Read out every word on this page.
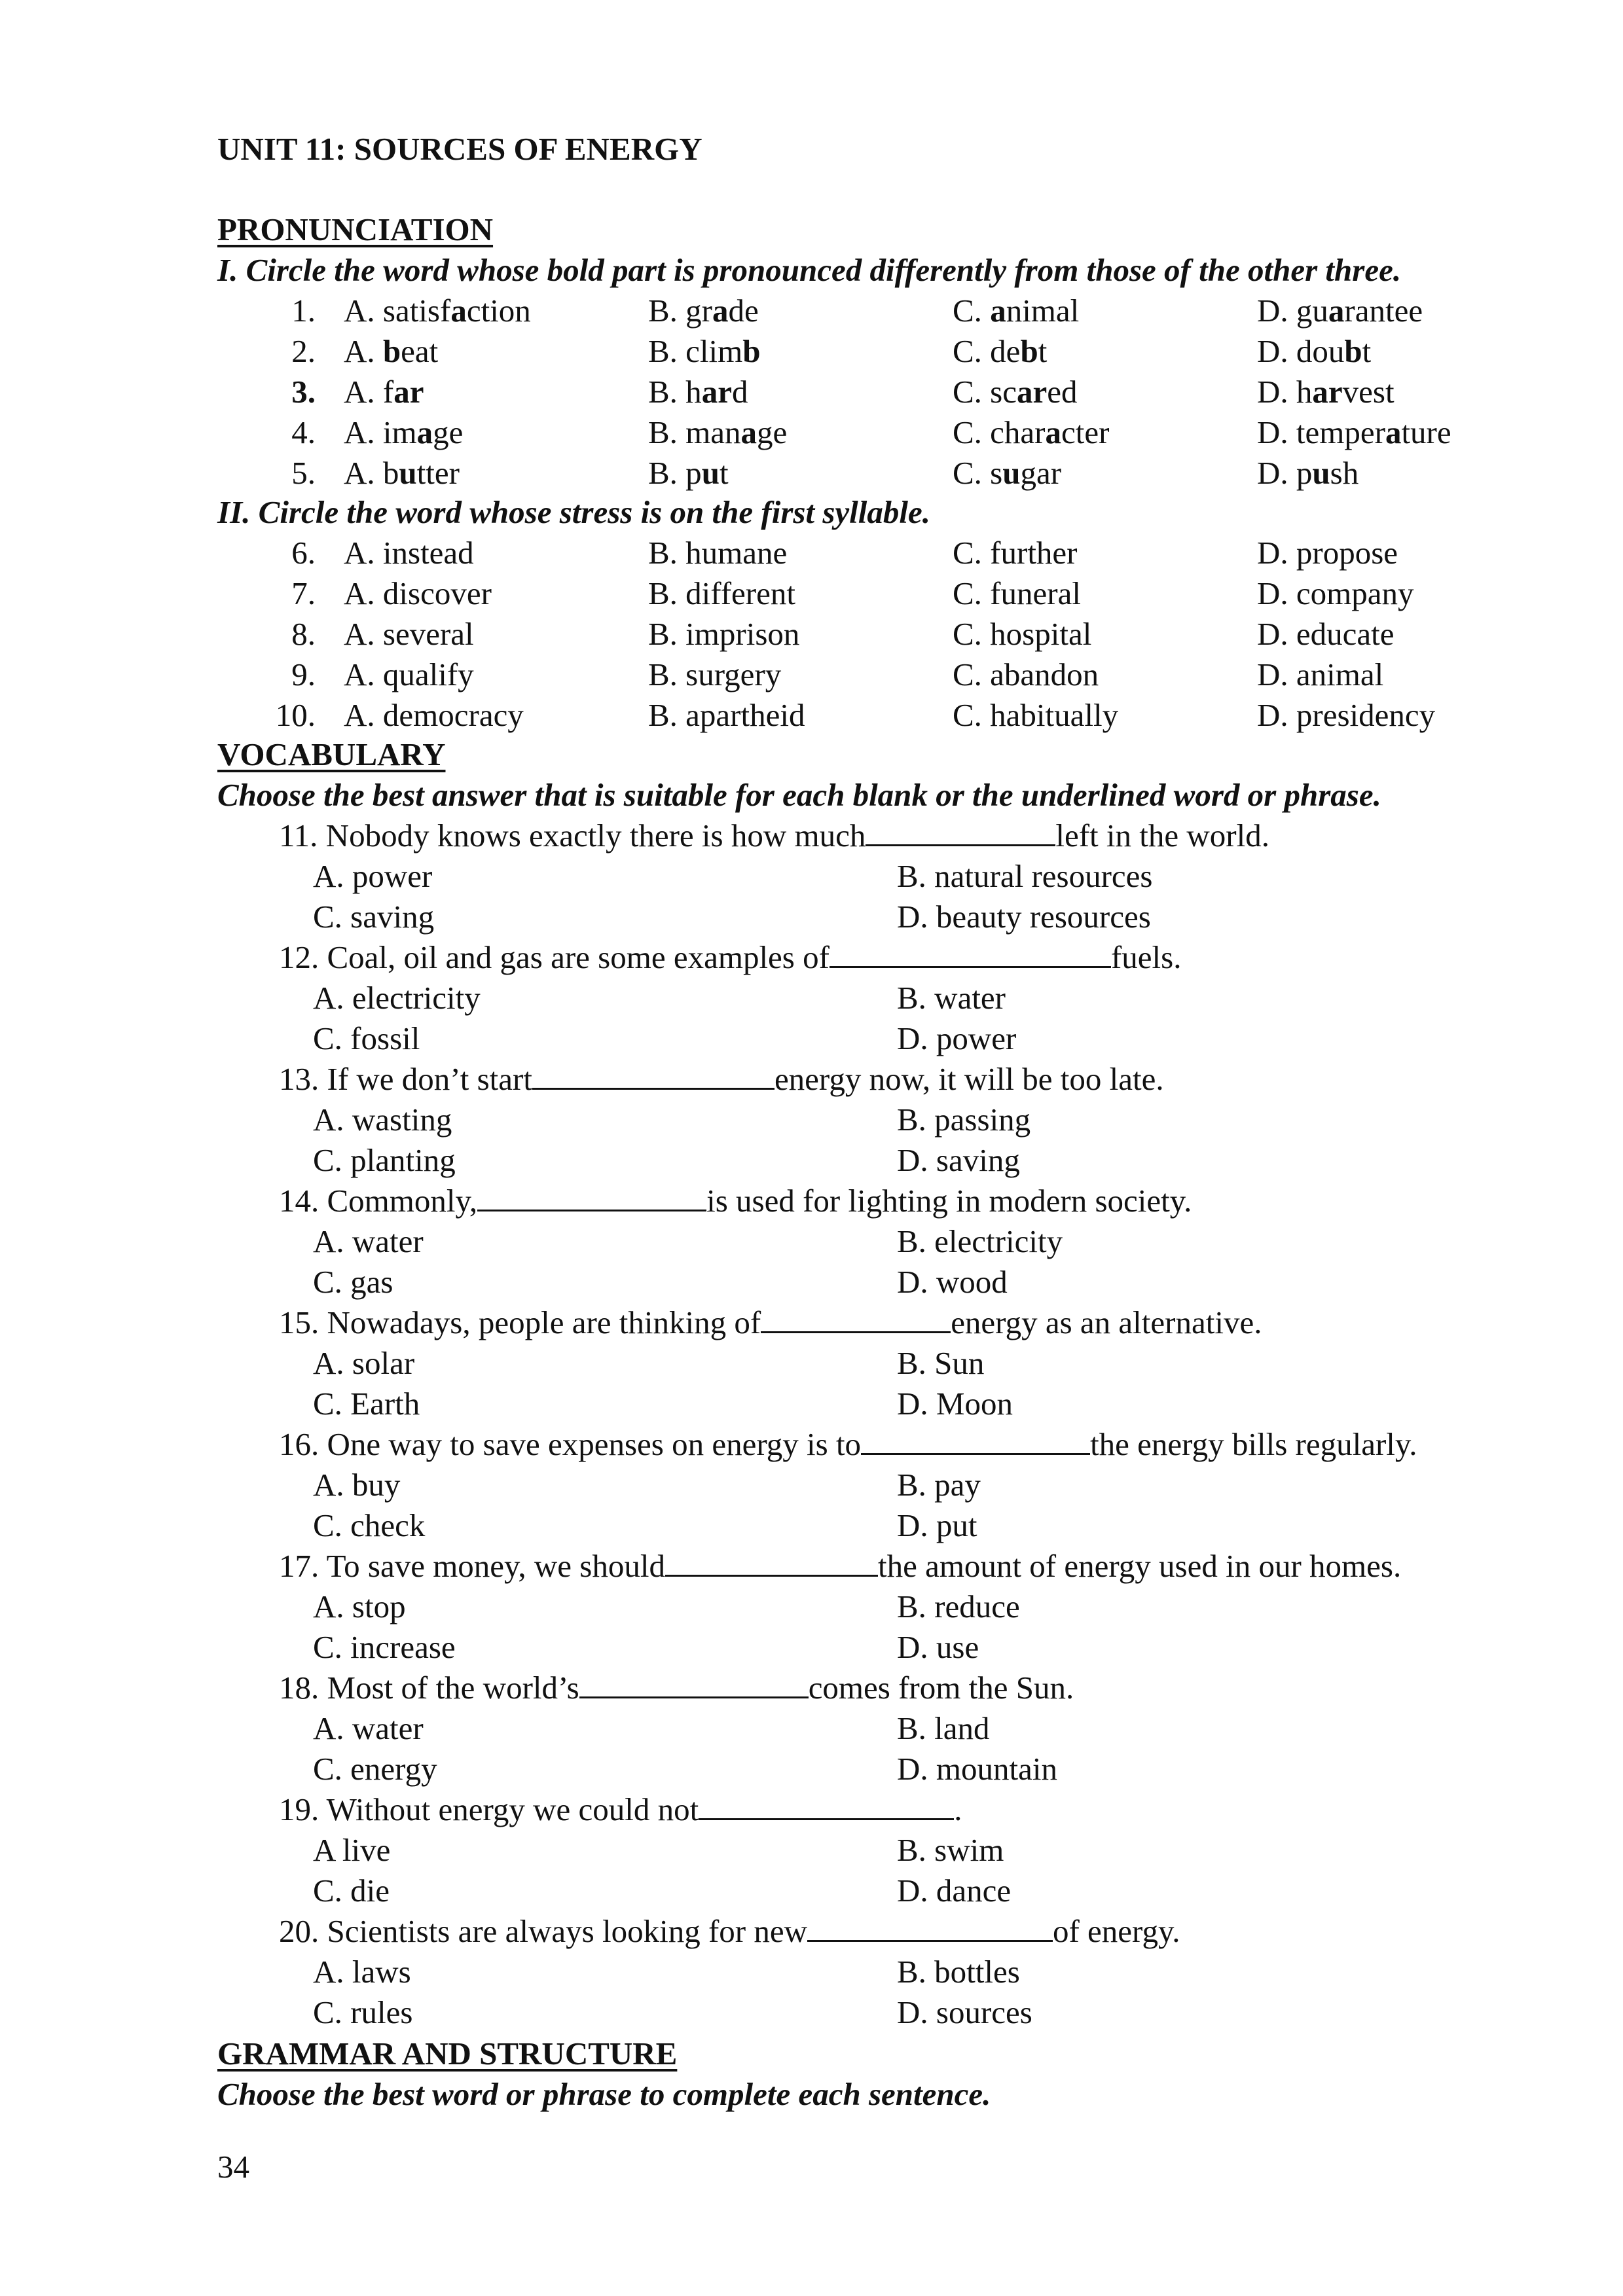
UNIT 11: SOURCES OF ENERGY
PRONUNCIATION
I. Circle the word whose bold part is pronounced differently from those of the other three.
II. Circle the word whose stress is on the first syllable.
VOCABULARY
Choose the best answer that is suitable for each blank or the underlined word or phrase.
GRAMMAR AND STRUCTURE
Choose the best word or phrase to complete each sentence.
34
1. A. satisfaction	B. grade	C. animal	D. guarantee
2. A. beat	B. climb	C. debt	D. doubt
3. A. far	B. hard	C. scared	D. harvest
4. A. image	B. manage	C. character	D. temperature
5. A. butter	B. put	C. sugar	D. push
6. A. instead	B. humane	C. further	D. propose
7. A. discover	B. different	C. funeral	D. company
8. A. several	B. imprison	C. hospital	D. educate
9. A. qualify	B. surgery	C. abandon	D. animal
10. A. democracy	B. apartheid	C. habitually	D. presidency
11. Nobody knows exactly there is how much	left in the world.
A. power	B. natural resources
C. saving	D. beauty resources
12. Coal, oil and gas are some examples of	fuels.
A. electricity	B. water
C. fossil	D. power
13. If we don’t start	energy now, it will be too late.
A. wasting	B. passing
C. planting	D. saving
14. Commonly,	is used for lighting in modern society.
A. water	B. electricity
C. gas	D. wood
15. Nowadays, people are thinking of	energy as an alternative.
A. solar	B. Sun
C. Earth	D. Moon
16. One way to save expenses on energy is to	the energy bills regularly.
A. buy	B. pay
C. check	D. put
17. To save money, we should	the amount of energy used in our homes.
A. stop	B. reduce
C. increase	D. use
18. Most of the world’s	comes from the Sun.
A. water	B. land
C. energy	D. mountain
19. Without energy we could not	.
A live	B. swim
C. die	D. dance
20. Scientists are always looking for new	of energy.
A. laws	B. bottles
C. rules	D. sources
